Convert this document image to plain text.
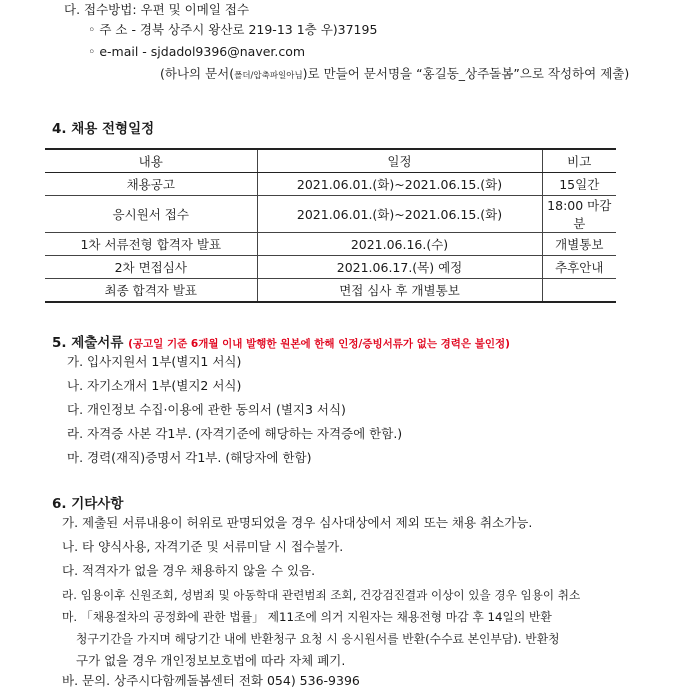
다. 접수방법: 우편 및 이메일 접수
◦ 주 소 - 경북 상주시 왕산로 219-13 1층 우)37195
◦ e-mail - sjdadol9396@naver.com
(하나의 문서(폴더/압축파일아님)로 만들어 문서명을 “홍길동_상주돌봄”으로 작성하여 제출)
4. 채용 전형일정
내용	일정	비고
채용공고	2021.06.01.(화)~2021.06.15.(화)	15일간
응시원서 접수	2021.06.01.(화)~2021.06.15.(화)	18:00 마감분
1차 서류전형 합격자 발표	2021.06.16.(수)	개별통보
2차 면접심사	2021.06.17.(목) 예정	추후안내
최종 합격자 발표	면접 심사 후 개별통보	
5. 제출서류 (공고일 기준 6개월 이내 발행한 원본에 한해 인정/증빙서류가 없는 경력은 불인정)
가. 입사지원서 1부(별지1 서식)
나. 자기소개서 1부(별지2 서식)
다. 개인정보 수집·이용에 관한 동의서 (별지3 서식)
라. 자격증 사본 각1부. (자격기준에 해당하는 자격증에 한함.)
마. 경력(재직)증명서 각1부. (해당자에 한함)
6. 기타사항
가. 제출된 서류내용이 허위로 판명되었을 경우 심사대상에서 제외 또는 채용 취소가능.
나. 타 양식사용, 자격기준 및 서류미달 시 접수불가.
다. 적격자가 없을 경우 채용하지 않을 수 있음.
라. 임용이후 신원조회, 성범죄 및 아동학대 관련범죄 조회, 건강검진결과 이상이 있을 경우 임용이 취소
마. 「채용절차의 공정화에 관한 법률」 제11조에 의거 지원자는 채용전형 마감 후 14일의 반환
청구기간을 가지며 해당기간 내에 반환청구 요청 시 응시원서를 반환(수수료 본인부담). 반환청
구가 없을 경우 개인정보보호법에 따라 자체 폐기.
바. 문의. 상주시다함께돌봄센터 전화 054) 536-9396
